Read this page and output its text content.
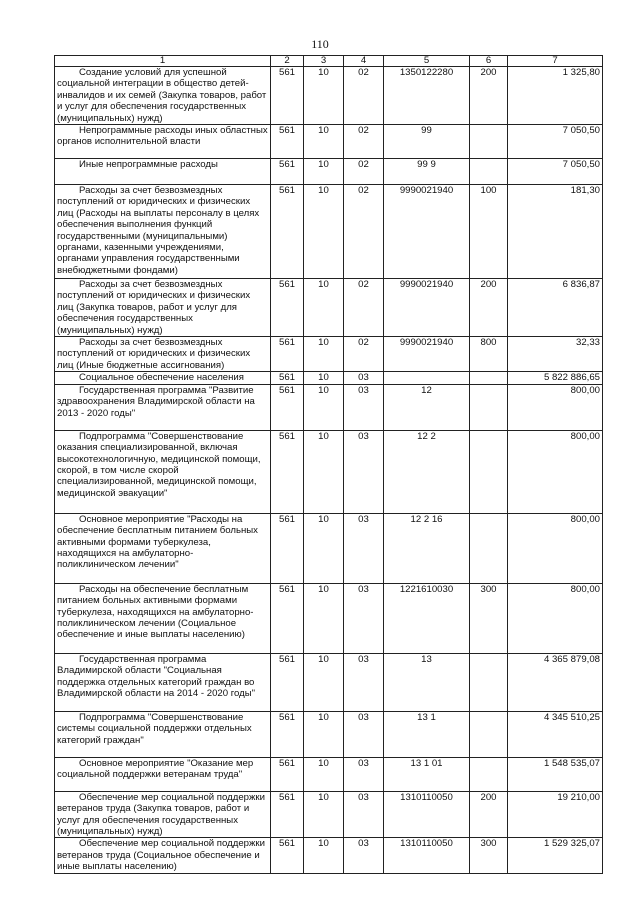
110
1	2	3	4	5	6	7
Создание условий для успешной социальной интеграции в общество детей-инвалидов и их семей (Закупка товаров, работ и услуг для обеспечения государственных (муниципальных) нужд)	561	10	02	1350122280	200	1 325,80
Непрограммные расходы иных областных органов исполнительной власти	561	10	02	99		7 050,50
Иные непрограммные расходы	561	10	02	99 9		7 050,50
Расходы за счет безвозмездных поступлений от юридических и физических лиц (Расходы на выплаты персоналу в целях обеспечения выполнения функций государственными (муниципальными) органами, казенными учреждениями, органами управления государственными внебюджетными фондами)	561	10	02	9990021940	100	181,30
Расходы за счет безвозмездных поступлений от юридических и физических лиц (Закупка товаров, работ и услуг для обеспечения государственных (муниципальных) нужд)	561	10	02	9990021940	200	6 836,87
Расходы за счет безвозмездных поступлений от юридических и физических лиц (Иные бюджетные ассигнования)	561	10	02	9990021940	800	32,33
Социальное обеспечение населения	561	10	03			5 822 886,65
Государственная программа "Развитие здравоохранения Владимирской области на 2013 - 2020 годы"	561	10	03	12		800,00
Подпрограмма "Совершенствование оказания специализированной, включая высокотехнологичную, медицинской помощи, скорой, в том числе скорой специализированной, медицинской помощи, медицинской эвакуации"	561	10	03	12 2		800,00
Основное мероприятие "Расходы на обеспечение бесплатным питанием больных активными формами туберкулеза, находящихся на амбулаторно-поликлиническом лечении"	561	10	03	12 2 16		800,00
Расходы на обеспечение бесплатным питанием больных активными формами туберкулеза, находящихся на амбулаторно-поликлиническом лечении (Социальное обеспечение и иные выплаты населению)	561	10	03	1221610030	300	800,00
Государственная программа Владимирской области "Социальная поддержка отдельных категорий граждан во Владимирской области на 2014 - 2020 годы"	561	10	03	13		4 365 879,08
Подпрограмма "Совершенствование системы социальной поддержки отдельных категорий граждан"	561	10	03	13 1		4 345 510,25
Основное мероприятие "Оказание мер социальной поддержки ветеранам труда"	561	10	03	13 1 01		1 548 535,07
Обеспечение мер социальной поддержки ветеранов труда (Закупка товаров, работ и услуг для обеспечения государственных (муниципальных) нужд)	561	10	03	1310110050	200	19 210,00
Обеспечение мер социальной поддержки ветеранов труда (Социальное обеспечение и иные выплаты населению)	561	10	03	1310110050	300	1 529 325,07
